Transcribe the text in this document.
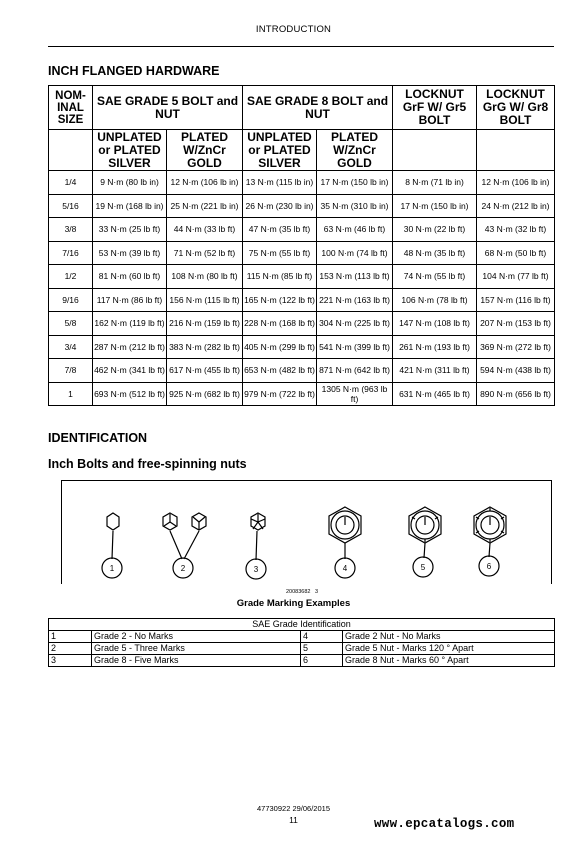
INTRODUCTION
INCH FLANGED HARDWARE
NOM-
INAL
SIZE	SAE GRADE 5 BOLT and NUT		SAE GRADE 8 BOLT and NUT		LOCKNUT GrF W/ Gr5 BOLT	LOCKNUT GrG W/ Gr8 BOLT
	UNPLATED or PLATED SILVER	PLATED W/ZnCr GOLD	UNPLATED or PLATED SILVER	PLATED W/ZnCr GOLD		
1/4	9 N·m (80 lb in)	12 N·m (106 lb in)	13 N·m (115 lb in)	17 N·m (150 lb in)	8 N·m (71 lb in)	12 N·m (106 lb in)
5/16	19 N·m (168 lb in)	25 N·m (221 lb in)	26 N·m (230 lb in)	35 N·m (310 lb in)	17 N·m (150 lb in)	24 N·m (212 lb in)
3/8	33 N·m (25 lb ft)	44 N·m (33 lb ft)	47 N·m (35 lb ft)	63 N·m (46 lb ft)	30 N·m (22 lb ft)	43 N·m (32 lb ft)
7/16	53 N·m (39 lb ft)	71 N·m (52 lb ft)	75 N·m (55 lb ft)	100 N·m (74 lb ft)	48 N·m (35 lb ft)	68 N·m (50 lb ft)
1/2	81 N·m (60 lb ft)	108 N·m (80 lb ft)	115 N·m (85 lb ft)	153 N·m (113 lb ft)	74 N·m (55 lb ft)	104 N·m (77 lb ft)
9/16	117 N·m (86 lb ft)	156 N·m (115 lb ft)	165 N·m (122 lb ft)	221 N·m (163 lb ft)	106 N·m (78 lb ft)	157 N·m (116 lb ft)
5/8	162 N·m (119 lb ft)	216 N·m (159 lb ft)	228 N·m (168 lb ft)	304 N·m (225 lb ft)	147 N·m (108 lb ft)	207 N·m (153 lb ft)
3/4	287 N·m (212 lb ft)	383 N·m (282 lb ft)	405 N·m (299 lb ft)	541 N·m (399 lb ft)	261 N·m (193 lb ft)	369 N·m (272 lb ft)
7/8	462 N·m (341 lb ft)	617 N·m (455 lb ft)	653 N·m (482 lb ft)	871 N·m (642 lb ft)	421 N·m (311 lb ft)	594 N·m (438 lb ft)
1	693 N·m (512 lb ft)	925 N·m (682 lb ft)	979 N·m (722 lb ft)	1305 N·m (963 lb ft)	631 N·m (465 lb ft)	890 N·m (656 lb ft)
IDENTIFICATION
Inch Bolts and free-spinning nuts
1	2	3	4	5	6
20083682   3
Grade Marking Examples
SAE Grade Identification			
1	Grade 2 - No Marks	4	Grade 2 Nut - No Marks
2	Grade 5 - Three Marks	5	Grade 5 Nut - Marks 120 ° Apart
3	Grade 8 - Five Marks	6	Grade 8 Nut - Marks 60 ° Apart
47730922 29/06/2015
11	www.epcatalogs.com
